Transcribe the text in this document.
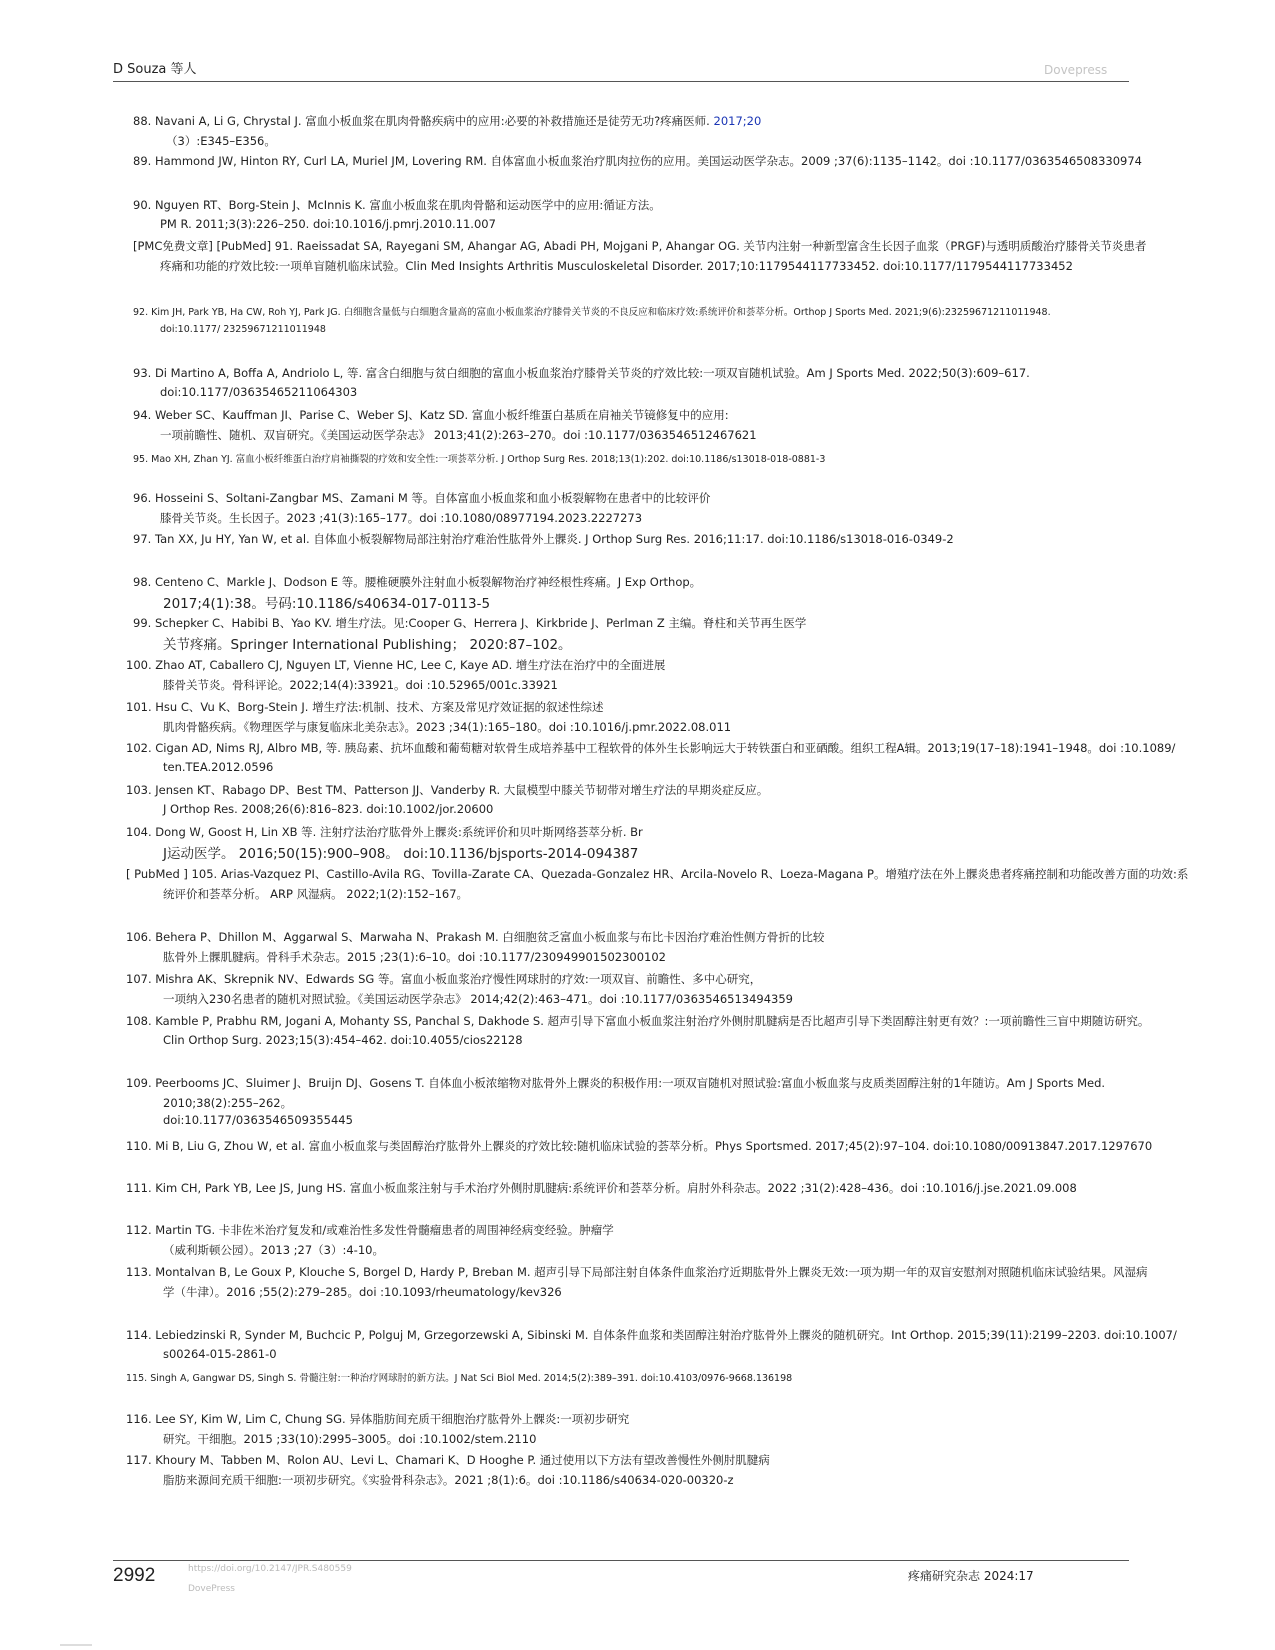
D Souza 等人	Dovepress
88. Navani A, Li G, Chrystal J. 富血小板血浆在肌肉骨骼疾病中的应用:必要的补救措施还是徒劳无功?疼痛医师. 2017;20
（3）:E345–E356。
89. Hammond JW, Hinton RY, Curl LA, Muriel JM, Lovering RM. 自体富血小板血浆治疗肌肉拉伤的应用。美国运动医学杂志。2009 ;37(6):1135–1142。doi :10.1177/0363546508330974
90. Nguyen RT、Borg-Stein J、McInnis K. 富血小板血浆在肌肉骨骼和运动医学中的应用:循证方法。
PM R. 2011;3(3):226–250. doi:10.1016/j.pmrj.2010.11.007
[PMC免费文章] [PubMed] 91. Raeissadat SA, Rayegani SM, Ahangar AG, Abadi PH, Mojgani P, Ahangar OG. 关节内注射一种新型富含生长因子血浆（PRGF)与透明质酸治疗膝骨关节炎患者
疼痛和功能的疗效比较:一项单盲随机临床试验。Clin Med Insights Arthritis Musculoskeletal Disorder. 2017;10:1179544117733452. doi:10.1177/1179544117733452
92. Kim JH, Park YB, Ha CW, Roh YJ, Park JG. 白细胞含量低与白细胞含量高的富血小板血浆治疗膝骨关节炎的不良反应和临床疗效:系统评价和荟萃分析。Orthop J Sports Med. 2021;9(6):23259671211011948.
doi:10.1177/ 23259671211011948
93. Di Martino A, Boffa A, Andriolo L, 等. 富含白细胞与贫白细胞的富血小板血浆治疗膝骨关节炎的疗效比较:一项双盲随机试验。Am J Sports Med. 2022;50(3):609–617.
doi:10.1177/03635465211064303
94. Weber SC、Kauffman JI、Parise C、Weber SJ、Katz SD. 富血小板纤维蛋白基质在肩袖关节镜修复中的应用:
一项前瞻性、随机、双盲研究。《美国运动医学杂志》 2013;41(2):263–270。doi :10.1177/0363546512467621
95. Mao XH, Zhan YJ. 富血小板纤维蛋白治疗肩袖撕裂的疗效和安全性:一项荟萃分析. J Orthop Surg Res. 2018;13(1):202. doi:10.1186/s13018-018-0881-3
96. Hosseini S、Soltani-Zangbar MS、Zamani M 等。自体富血小板血浆和血小板裂解物在患者中的比较评价
膝骨关节炎。生长因子。2023 ;41(3):165–177。doi :10.1080/08977194.2023.2227273
97. Tan XX, Ju HY, Yan W, et al. 自体血小板裂解物局部注射治疗难治性肱骨外上髁炎. J Orthop Surg Res. 2016;11:17. doi:10.1186/s13018-016-0349-2
98. Centeno C、Markle J、Dodson E 等。腰椎硬膜外注射血小板裂解物治疗神经根性疼痛。J Exp Orthop。
2017;4(1):38。号码:10.1186/s40634-017-0113-5
99. Schepker C、Habibi B、Yao KV. 增生疗法。见:Cooper G、Herrera J、Kirkbride J、Perlman Z 主编。脊柱和关节再生医学
关节疼痛。Springer International Publishing； 2020:87–102。
100. Zhao AT, Caballero CJ, Nguyen LT, Vienne HC, Lee C, Kaye AD. 增生疗法在治疗中的全面进展
膝骨关节炎。骨科评论。2022;14(4):33921。doi :10.52965/001c.33921
101. Hsu C、Vu K、Borg-Stein J. 增生疗法:机制、技术、方案及常见疗效证据的叙述性综述
肌肉骨骼疾病。《物理医学与康复临床北美杂志》。2023 ;34(1):165–180。doi :10.1016/j.pmr.2022.08.011
102. Cigan AD, Nims RJ, Albro MB, 等. 胰岛素、抗坏血酸和葡萄糖对软骨生成培养基中工程软骨的体外生长影响远大于转铁蛋白和亚硒酸。组织工程A辑。2013;19(17–18):1941–1948。doi :10.1089/
ten.TEA.2012.0596
103. Jensen KT、Rabago DP、Best TM、Patterson JJ、Vanderby R. 大鼠模型中膝关节韧带对增生疗法的早期炎症反应。
J Orthop Res. 2008;26(6):816–823. doi:10.1002/jor.20600
104. Dong W, Goost H, Lin XB 等. 注射疗法治疗肱骨外上髁炎:系统评价和贝叶斯网络荟萃分析. Br
J运动医学。 2016;50(15):900–908。 doi:10.1136/bjsports-2014-094387
[ PubMed ] 105. Arias-Vazquez PI、Castillo-Avila RG、Tovilla-Zarate CA、Quezada-Gonzalez HR、Arcila-Novelo R、Loeza-Magana P。增殖疗法在外上髁炎患者疼痛控制和功能改善方面的功效:系
统评价和荟萃分析。 ARP 风湿病。 2022;1(2):152–167。
106. Behera P、Dhillon M、Aggarwal S、Marwaha N、Prakash M. 白细胞贫乏富血小板血浆与布比卡因治疗难治性侧方骨折的比较
肱骨外上髁肌腱病。骨科手术杂志。2015 ;23(1):6–10。doi :10.1177/230949901502300102
107. Mishra AK、Skrepnik NV、Edwards SG 等。富血小板血浆治疗慢性网球肘的疗效:一项双盲、前瞻性、多中心研究，
一项纳入230名患者的随机对照试验。《美国运动医学杂志》 2014;42(2):463–471。doi :10.1177/0363546513494359
108. Kamble P, Prabhu RM, Jogani A, Mohanty SS, Panchal S, Dakhode S. 超声引导下富血小板血浆注射治疗外侧肘肌腱病是否比超声引导下类固醇注射更有效？:一项前瞻性三盲中期随访研究。
Clin Orthop Surg. 2023;15(3):454–462. doi:10.4055/cios22128
109. Peerbooms JC、Sluimer J、Bruijn DJ、Gosens T. 自体血小板浓缩物对肱骨外上髁炎的积极作用:一项双盲随机对照试验:富血小板血浆与皮质类固醇注射的1年随访。Am J Sports Med.
2010;38(2):255–262。
doi:10.1177/0363546509355445
110. Mi B, Liu G, Zhou W, et al. 富血小板血浆与类固醇治疗肱骨外上髁炎的疗效比较:随机临床试验的荟萃分析。Phys Sportsmed. 2017;45(2):97–104. doi:10.1080/00913847.2017.1297670
111. Kim CH, Park YB, Lee JS, Jung HS. 富血小板血浆注射与手术治疗外侧肘肌腱病:系统评价和荟萃分析。肩肘外科杂志。2022 ;31(2):428–436。doi :10.1016/j.jse.2021.09.008
112. Martin TG. 卡非佐米治疗复发和/或难治性多发性骨髓瘤患者的周围神经病变经验。肿瘤学
（威利斯顿公园）。2013 ;27（3）:4-10。
113. Montalvan B, Le Goux P, Klouche S, Borgel D, Hardy P, Breban M. 超声引导下局部注射自体条件血浆治疗近期肱骨外上髁炎无效:一项为期一年的双盲安慰剂对照随机临床试验结果。风湿病
学（牛津）。2016 ;55(2):279–285。doi :10.1093/rheumatology/kev326
114. Lebiedzinski R, Synder M, Buchcic P, Polguj M, Grzegorzewski A, Sibinski M. 自体条件血浆和类固醇注射治疗肱骨外上髁炎的随机研究。Int Orthop. 2015;39(11):2199–2203. doi:10.1007/
s00264-015-2861-0
115. Singh A, Gangwar DS, Singh S. 骨髓注射:一种治疗网球肘的新方法。J Nat Sci Biol Med. 2014;5(2):389–391. doi:10.4103/0976-9668.136198
116. Lee SY, Kim W, Lim C, Chung SG. 异体脂肪间充质干细胞治疗肱骨外上髁炎:一项初步研究
研究。干细胞。2015 ;33(10):2995–3005。doi :10.1002/stem.2110
117. Khoury M、Tabben M、Rolon AU、Levi L、Chamari K、D Hooghe P. 通过使用以下方法有望改善慢性外侧肘肌腱病
脂肪来源间充质干细胞:一项初步研究。《实验骨科杂志》。2021 ;8(1):6。doi :10.1186/s40634-020-00320-z
2992	https://doi.org/10.2147/JPR.S480559
DovePress
疼痛研究杂志 2024:17
